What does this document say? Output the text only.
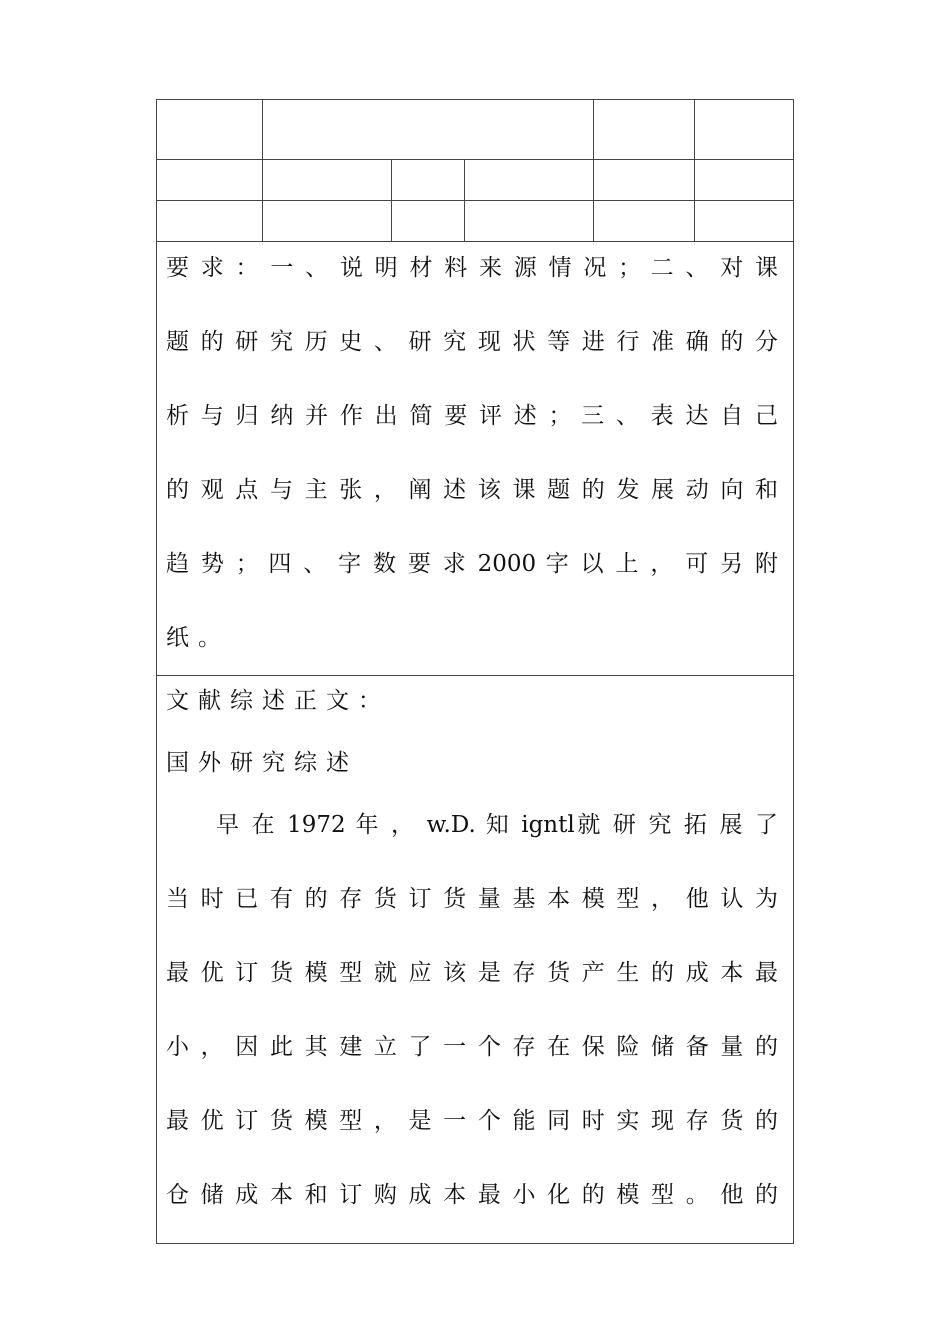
要 求 ： 一 、 说 明 材 料 来 源 情 况 ； 二 、 对 课
题 的 研 究 历 史 、 研 究 现 状 等 进 行 准 确 的 分
析 与 归 纳 并 作 出 简 要 评 述 ； 三 、 表 达 自 己
的 观 点 与 主 张 ， 阐 述 该 课 题 的 发 展 动 向 和
趋 势 ； 四 、 字 数 要 求 2000 字 以 上 ， 可 另 附
纸。
文献综述正文：
国外研究综述
早 在 1972 年 ， w.D. 知 igntl就 研 究 拓 展 了
当 时 已 有 的 存 货 订 货 量 基 本 模 型 ， 他 认 为
最 优 订 货 模 型 就 应 该 是 存 货 产 生 的 成 本 最
小 ， 因 此 其 建 立 了 一 个 存 在 保 险 储 备 量 的
最 优 订 货 模 型 ， 是 一 个 能 同 时 实 现 存 货 的
仓 储 成 本 和 订 购 成 本 最 小 化 的 模 型 。 他 的
